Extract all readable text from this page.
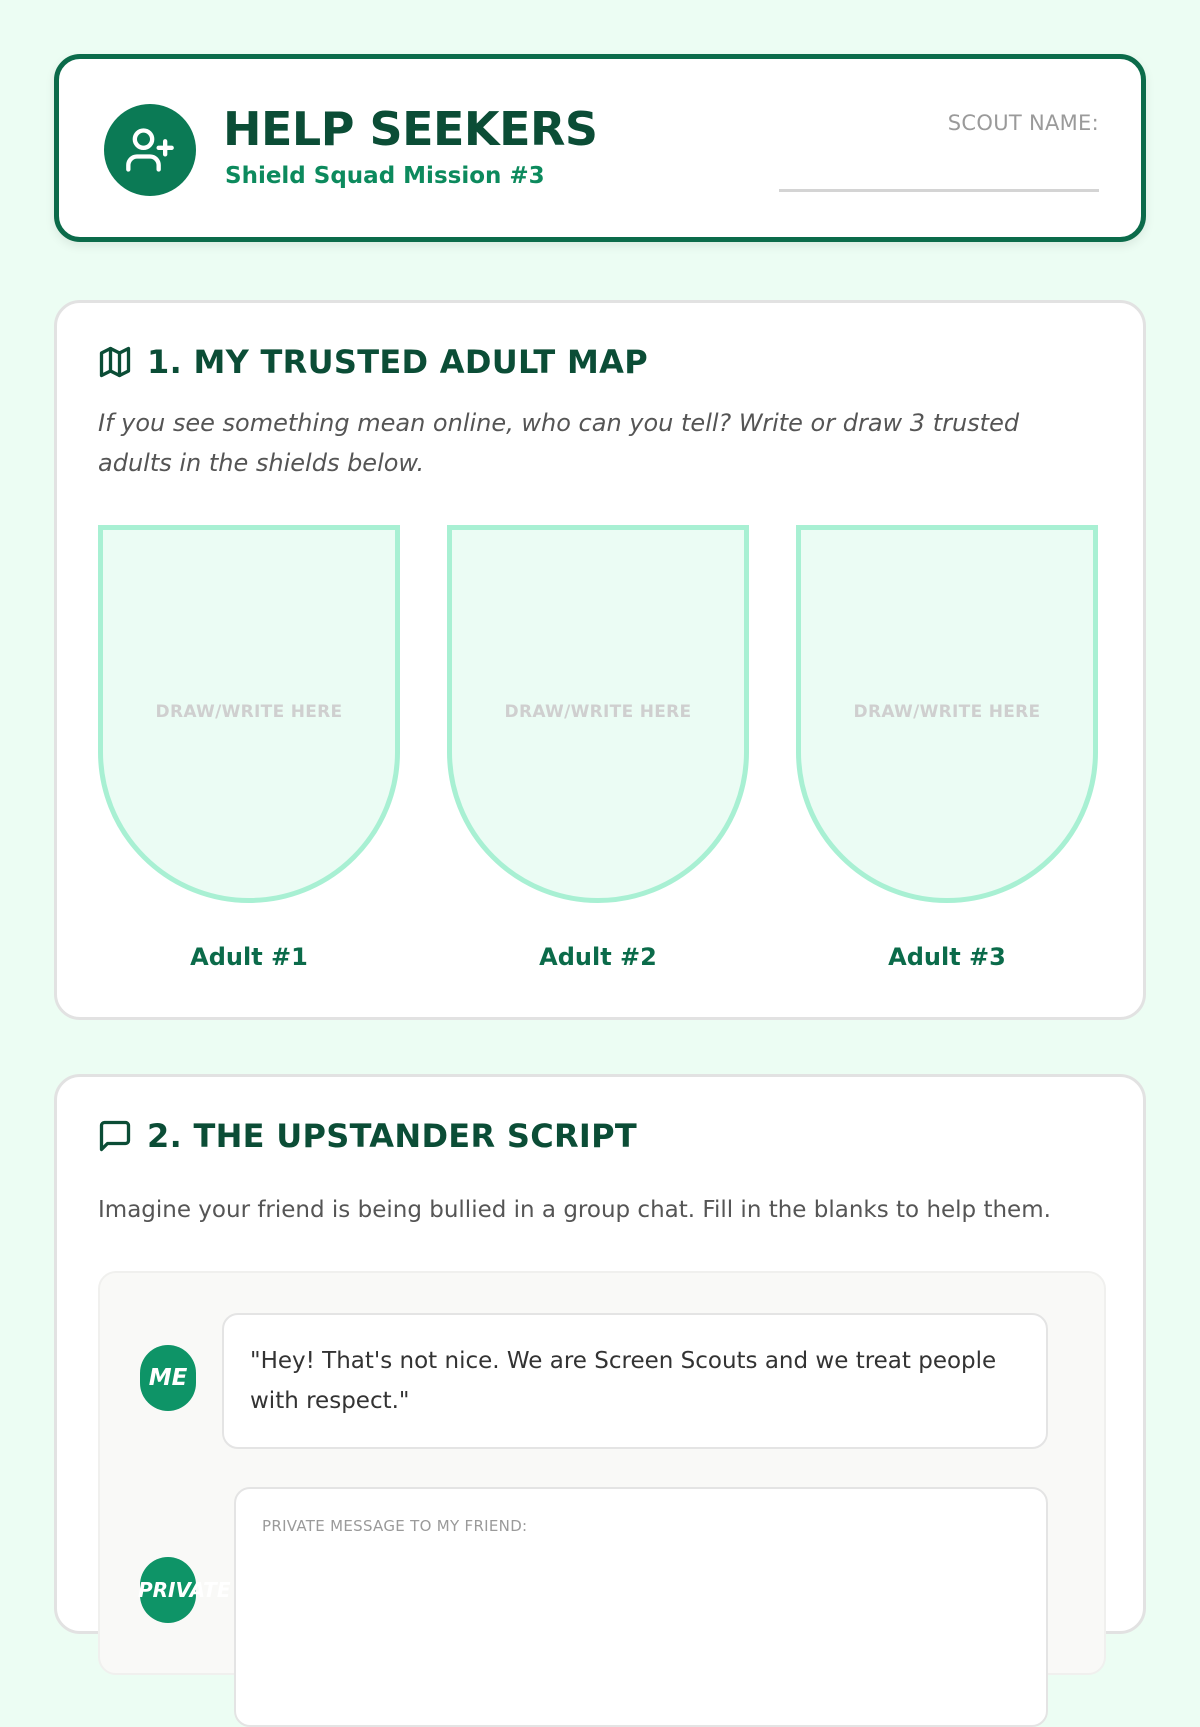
HELP SEEKERS
Shield Squad Mission #3
SCOUT NAME:
1. MY TRUSTED ADULT MAP
If you see something mean online, who can you tell? Write or draw 3 trusted adults in the shields below.
DRAW/WRITE HERE	DRAW/WRITE HERE	DRAW/WRITE HERE
Adult #1	Adult #2	Adult #3
2. THE UPSTANDER SCRIPT
Imagine your friend is being bullied in a group chat. Fill in the blanks to help them.
ME
"Hey! That's not nice. We are Screen Scouts and we treat people with respect."
PRIVATE
PRIVATE MESSAGE TO MY FRIEND:
